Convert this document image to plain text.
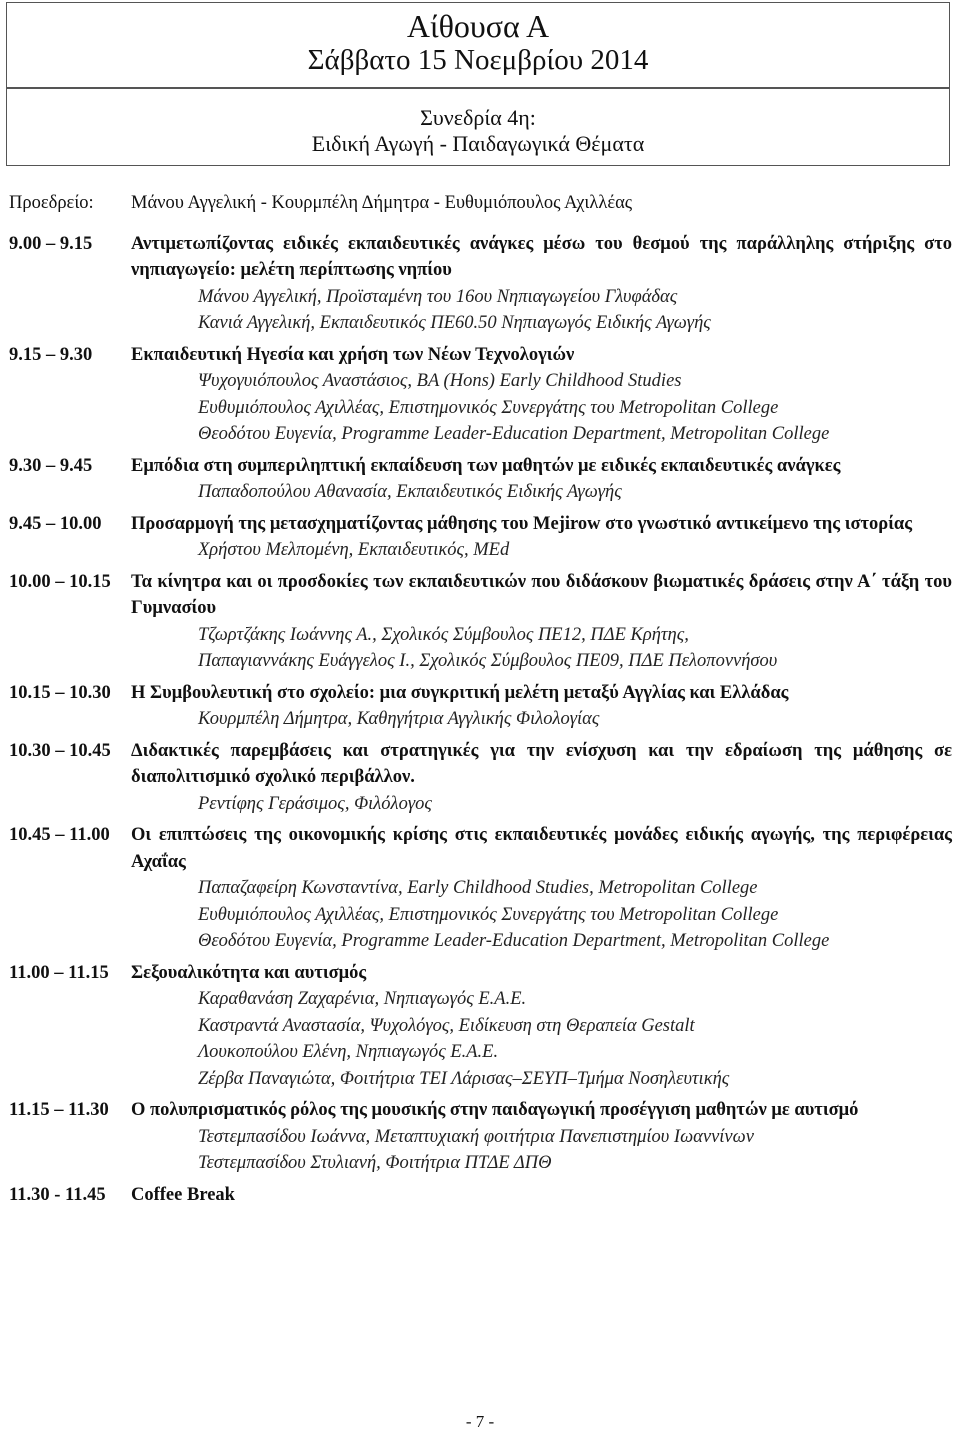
Αίθουσα Α
Σάββατο 15 Νοεμβρίου 2014
Συνεδρία 4η:
Ειδική Αγωγή - Παιδαγωγικά Θέματα
Προεδρείο:	Μάνου Αγγελική - Κουρμπέλη Δήμητρα - Ευθυμιόπουλος Αχιλλέας
9.00 – 9.15	Αντιμετωπίζοντας ειδικές εκπαιδευτικές ανάγκες μέσω του θεσμού της παράλληλης στήριξης στο νηπιαγωγείο: μελέτη περίπτωσης νηπίου
Μάνου Αγγελική, Προϊσταμένη του 16ου Νηπιαγωγείου Γλυφάδας
Κανιά Αγγελική, Εκπαιδευτικός ΠΕ60.50 Νηπιαγωγός Ειδικής Αγωγής
9.15 – 9.30	Εκπαιδευτική Ηγεσία και χρήση των Νέων Τεχνολογιών
Ψυχογυιόπουλος Αναστάσιος, BA (Hons) Early Childhood Studies
Ευθυμιόπουλος Αχιλλέας, Επιστημονικός Συνεργάτης του Metropolitan College
Θεοδότου Ευγενία, Programme Leader-Education Department, Metropolitan College
9.30 – 9.45	Εμπόδια στη συμπεριληπτική εκπαίδευση των μαθητών με ειδικές εκπαιδευτικές ανάγκες
Παπαδοπούλου Αθανασία, Εκπαιδευτικός Ειδικής Αγωγής
9.45 – 10.00	Προσαρμογή της μετασχηματίζοντας μάθησης του Mejirow στο γνωστικό αντικείμενο της ιστορίας
Χρήστου Μελπομένη, Εκπαιδευτικός, MEd
10.00 – 10.15	Τα κίνητρα και οι προσδοκίες των εκπαιδευτικών που διδάσκουν βιωματικές δράσεις στην Α΄ τάξη του Γυμνασίου
Τζωρτζάκης Ιωάννης Α., Σχολικός Σύμβουλος ΠΕ12, ΠΔΕ Κρήτης,
Παπαγιαννάκης Ευάγγελος Ι., Σχολικός Σύμβουλος ΠΕ09, ΠΔΕ Πελοποννήσου
10.15 – 10.30	Η Συμβουλευτική στο σχολείο: μια συγκριτική μελέτη μεταξύ Αγγλίας και Ελλάδας
Κουρμπέλη Δήμητρα, Καθηγήτρια Αγγλικής Φιλολογίας
10.30 – 10.45	Διδακτικές παρεμβάσεις και στρατηγικές για την ενίσχυση και την εδραίωση της μάθησης σε διαπολιτισμικό σχολικό περιβάλλον.
Ρεντίφης Γεράσιμος, Φιλόλογος
10.45 – 11.00	Οι επιπτώσεις της οικονομικής κρίσης στις εκπαιδευτικές μονάδες ειδικής αγωγής, της περιφέρειας Αχαΐας
Παπαζαφείρη Κωνσταντίνα, Early Childhood Studies, Metropolitan College
Ευθυμιόπουλος Αχιλλέας, Επιστημονικός Συνεργάτης του Metropolitan College
Θεοδότου Ευγενία, Programme Leader-Education Department, Metropolitan College
11.00 – 11.15	Σεξουαλικότητα και αυτισμός
Καραθανάση Ζαχαρένια, Νηπιαγωγός Ε.Α.Ε.
Καστραντά Αναστασία, Ψυχολόγος, Ειδίκευση στη Θεραπεία Gestalt
Λουκοπούλου Ελένη, Νηπιαγωγός Ε.Α.Ε.
Ζέρβα Παναγιώτα, Φοιτήτρια ΤΕΙ Λάρισας–ΣΕΥΠ–Τμήμα Νοσηλευτικής
11.15 – 11.30	Ο πολυπρισματικός ρόλος της μουσικής στην παιδαγωγική προσέγγιση μαθητών με αυτισμό
Τεστεμπασίδου Ιωάννα, Μεταπτυχιακή φοιτήτρια Πανεπιστημίου Ιωαννίνων
Τεστεμπασίδου Στυλιανή, Φοιτήτρια ΠΤΔΕ ΔΠΘ
11.30 - 11.45	Coffee Break
- 7 -
